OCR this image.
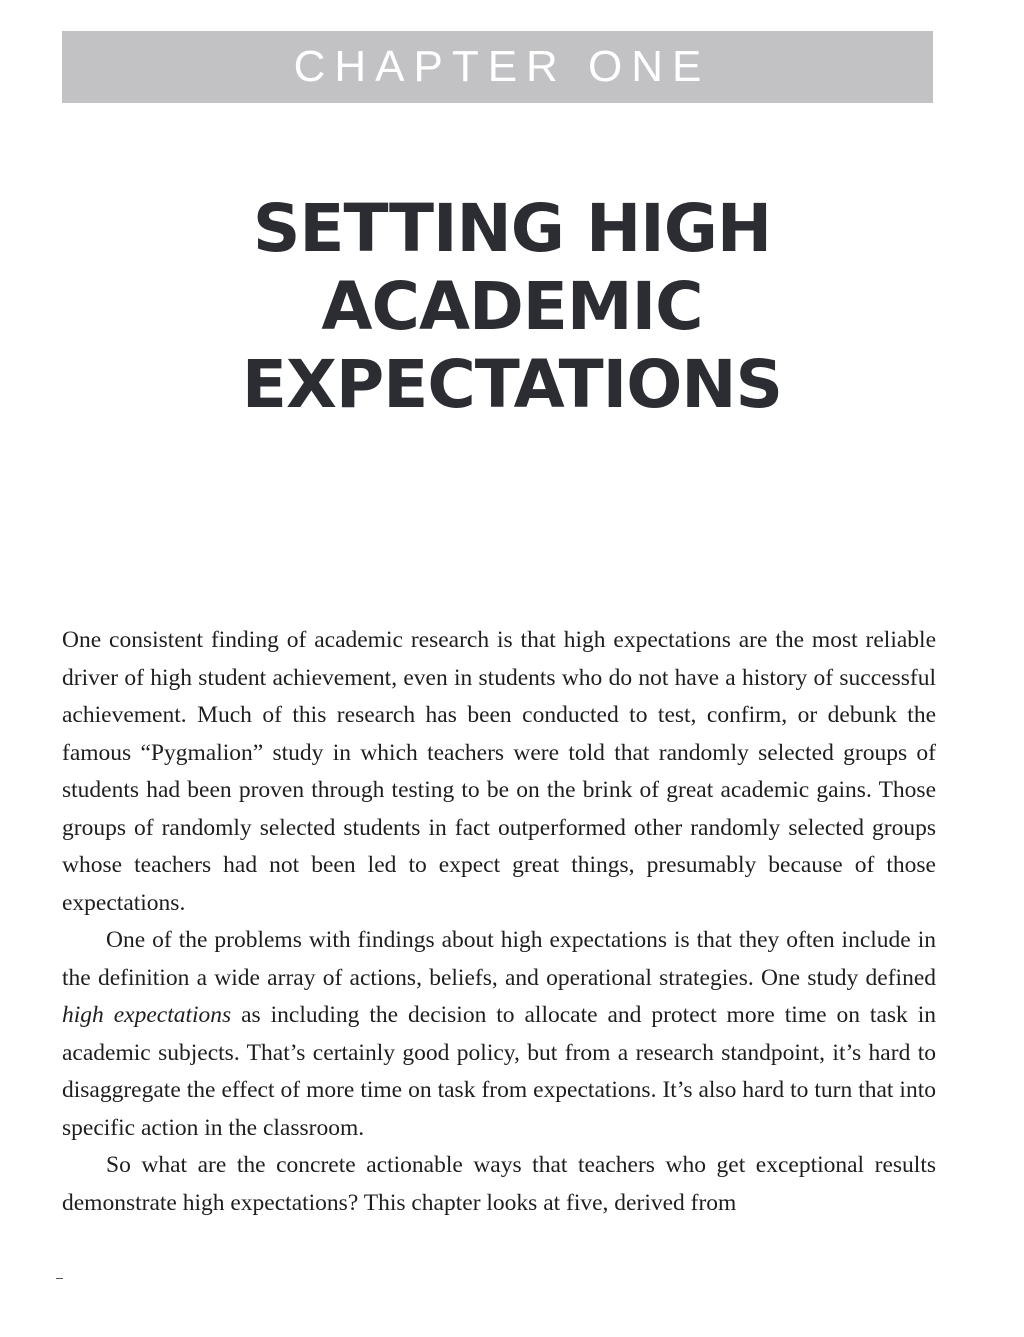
CHAPTER ONE
SETTING HIGH
ACADEMIC
EXPECTATIONS

One consistent finding of academic research is that high expectations are the most reliable driver of high student achievement, even in students who do not have a history of successful achievement. Much of this research has been conducted to test, confirm, or debunk the famous “Pygmalion” study in which teachers were told that randomly selected groups of students had been proven through testing to be on the brink of great academic gains. Those groups of randomly selected students in fact outperformed other randomly selected groups whose teachers had not been led to expect great things, presumably because of those expectations.

One of the problems with findings about high expectations is that they often include in the definition a wide array of actions, beliefs, and operational strategies. One study defined high expectations as including the decision to allocate and protect more time on task in academic subjects. That’s certainly good policy, but from a research standpoint, it’s hard to disaggregate the effect of more time on task from expectations. It’s also hard to turn that into specific action in the classroom.

So what are the concrete actionable ways that teachers who get exceptional results demonstrate high expectations? This chapter looks at five, derived from
